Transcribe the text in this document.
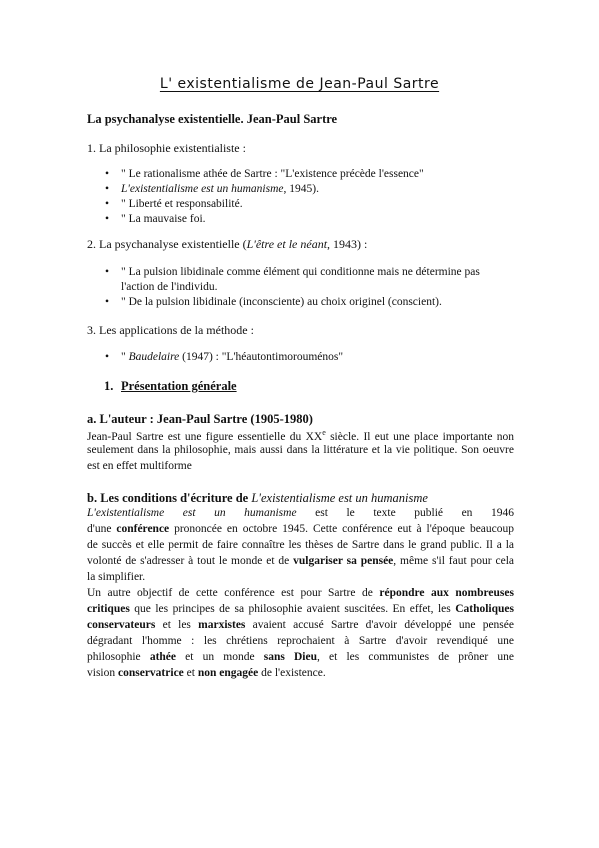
L' existentialisme de Jean-Paul Sartre
La psychanalyse existentielle. Jean-Paul Sartre
1. La philosophie existentialiste :
• " Le rationalisme athée de Sartre : "L'existence précède l'essence"
• L'existentialisme est un humanisme, 1945).
• " Liberté et responsabilité.
• " La mauvaise foi.
2. La psychanalyse existentielle (L'être et le néant, 1943) :
• " La pulsion libidinale comme élément qui conditionne mais ne détermine pas
l'action de l'individu.
• " De la pulsion libidinale (inconsciente) au choix originel (conscient).
3. Les applications de la méthode :
• " Baudelaire (1947) : "L'héautontimorouménos"
1. Présentation générale
a. L'auteur : Jean-Paul Sartre (1905-1980)
Jean-Paul Sartre est une figure essentielle du XXe siècle. Il eut une place importante non
seulement dans la philosophie, mais aussi dans la littérature et la vie politique. Son oeuvre
est en effet multiforme
b. Les conditions d'écriture de L'existentialisme est un humanisme
L'existentialisme est un humanisme est le texte publié en 1946
d'une conférence prononcée en octobre 1945. Cette conférence eut à l'époque beaucoup
de succès et elle permit de faire connaître les thèses de Sartre dans le grand public. Il a la
volonté de s'adresser à tout le monde et de vulgariser sa pensée, même s'il faut pour cela
la simplifier.
Un autre objectif de cette conférence est pour Sartre de répondre aux nombreuses
critiques que les principes de sa philosophie avaient suscitées. En effet, les Catholiques
conservateurs et les marxistes avaient accusé Sartre d'avoir développé une pensée
dégradant l'homme : les chrétiens reprochaient à Sartre d'avoir revendiqué une
philosophie athée et un monde sans Dieu, et les communistes de prôner une
vision conservatrice et non engagée de l'existence.
